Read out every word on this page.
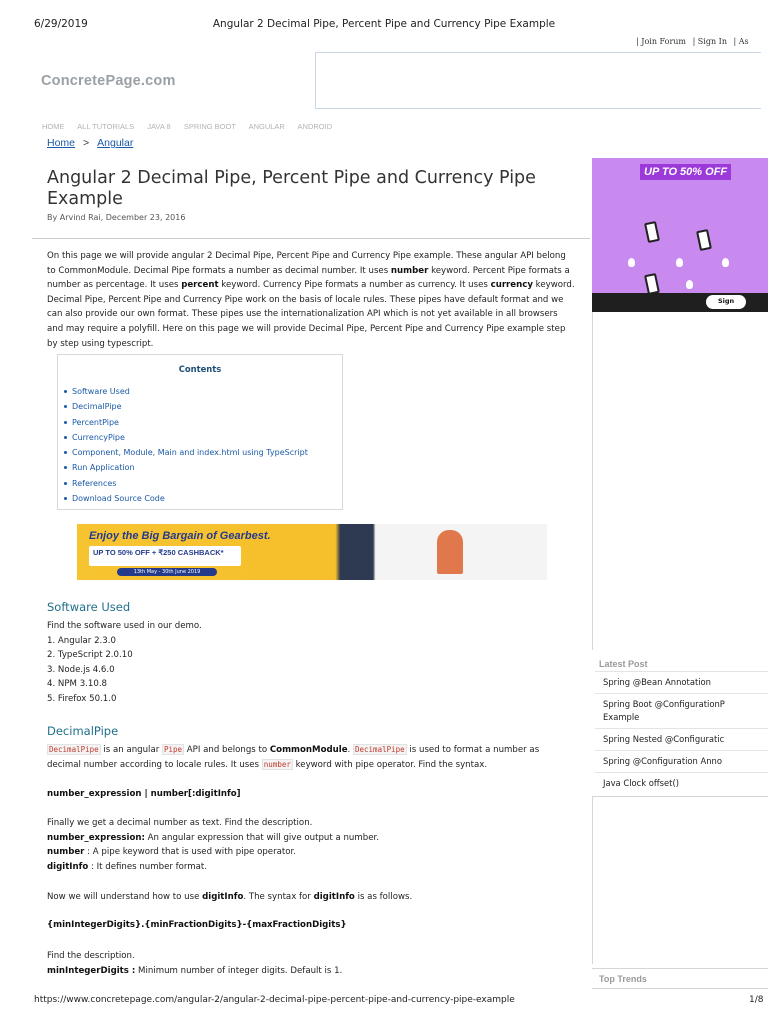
6/29/2019	Angular 2 Decimal Pipe, Percent Pipe and Currency Pipe Example
| Join Forum | Sign In | As
ConcretePage.com
HOME ALL TUTORIALS JAVA 8 SPRING BOOT ANGULAR ANDROID
Home > Angular
Angular 2 Decimal Pipe, Percent Pipe and Currency Pipe Example
By Arvind Rai, December 23, 2016

On this page we will provide angular 2 Decimal Pipe, Percent Pipe and Currency Pipe example. These angular API belong to CommonModule. Decimal Pipe formats a number as decimal number. It uses number keyword. Percent Pipe formats a number as percentage. It uses percent keyword. Currency Pipe formats a number as currency. It uses currency keyword. Decimal Pipe, Percent Pipe and Currency Pipe work on the basis of locale rules. These pipes have default format and we can also provide our own format. These pipes use the internationalization API which is not yet available in all browsers and may require a polyfill. Here on this page we will provide Decimal Pipe, Percent Pipe and Currency Pipe example step by step using typescript.

Contents
Software Used
DecimalPipe
PercentPipe
CurrencyPipe
Component, Module, Main and index.html using TypeScript
Run Application
References
Download Source Code
Enjoy the Big Bargain of Gearbest.
UP TO 50% OFF + ₹250 CASHBACK*
13th May - 30th June 2019
Software Used
Find the software used in our demo.
1. Angular 2.3.0
2. TypeScript 2.0.10
3. Node.js 4.6.0
4. NPM 3.10.8
5. Firefox 50.1.0
DecimalPipe

DecimalPipe is an angular Pipe API and belongs to CommonModule. DecimalPipe is used to format a number as decimal number according to locale rules. It uses number keyword with pipe operator. Find the syntax.

number_expression | number[:digitInfo]
Finally we get a decimal number as text. Find the description.
number_expression: An angular expression that will give output a number.
number : A pipe keyword that is used with pipe operator.
digitInfo : It defines number format.

Now we will understand how to use digitInfo. The syntax for digitInfo is as follows.

{minIntegerDigits}.{minFractionDigits}-{maxFractionDigits}
Find the description.
minIntegerDigits : Minimum number of integer digits. Default is 1.
UP TO 50% OFF
Sign
Latest Post
Spring @Bean Annotation
Spring Boot @ConfigurationP
Example
Spring Nested @Configuratic
Spring @Configuration Anno
Java Clock offset()
Top Trends
https://www.concretepage.com/angular-2/angular-2-decimal-pipe-percent-pipe-and-currency-pipe-example	1/8
